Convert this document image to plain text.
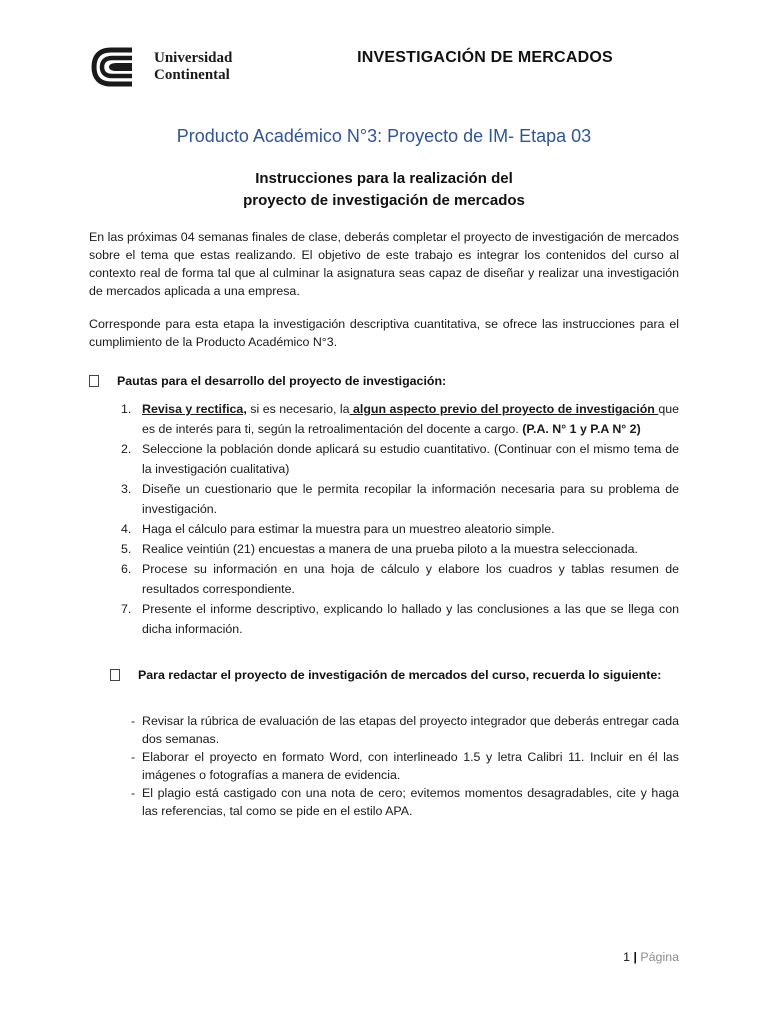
Universidad
Continental
INVESTIGACIÓN DE MERCADOS
Producto Académico N°3: Proyecto de IM- Etapa 03
Instrucciones para la realización del
proyecto de investigación de mercados
En las próximas 04 semanas finales de clase, deberás completar el proyecto de investigación de mercados sobre el tema que estas realizando. El objetivo de este trabajo es integrar los contenidos del curso al contexto real de forma tal que al culminar la asignatura seas capaz de diseñar y realizar una investigación de mercados aplicada a una empresa.
Corresponde para esta etapa la investigación descriptiva cuantitativa, se ofrece las instrucciones para el cumplimiento de la Producto Académico N°3.
Pautas para el desarrollo del proyecto de investigación:
1. Revisa y rectifica, si es necesario, la algun aspecto previo del proyecto de investigación que es de interés para ti, según la retroalimentación del docente a cargo. (P.A. N° 1 y P.A N° 2)
2. Seleccione la población donde aplicará su estudio cuantitativo. (Continuar con el mismo tema de la investigación cualitativa)
3. Diseñe un cuestionario que le permita recopilar la información necesaria para su problema de investigación.
4. Haga el cálculo para estimar la muestra para un muestreo aleatorio simple.
5. Realice veintiún (21) encuestas a manera de una prueba piloto a la muestra seleccionada.
6. Procese su información en una hoja de cálculo y elabore los cuadros y tablas resumen de resultados correspondiente.
7. Presente el informe descriptivo, explicando lo hallado y las conclusiones a las que se llega con dicha información.
Para redactar el proyecto de investigación de mercados del curso, recuerda lo siguiente:
- Revisar la rúbrica de evaluación de las etapas del proyecto integrador que deberás entregar cada dos semanas.
- Elaborar el proyecto en formato Word, con interlineado 1.5 y letra Calibri 11. Incluir en él las imágenes o fotografías a manera de evidencia.
- El plagio está castigado con una nota de cero; evitemos momentos desagradables, cite y haga las referencias, tal como se pide en el estilo APA.
1 | Página
